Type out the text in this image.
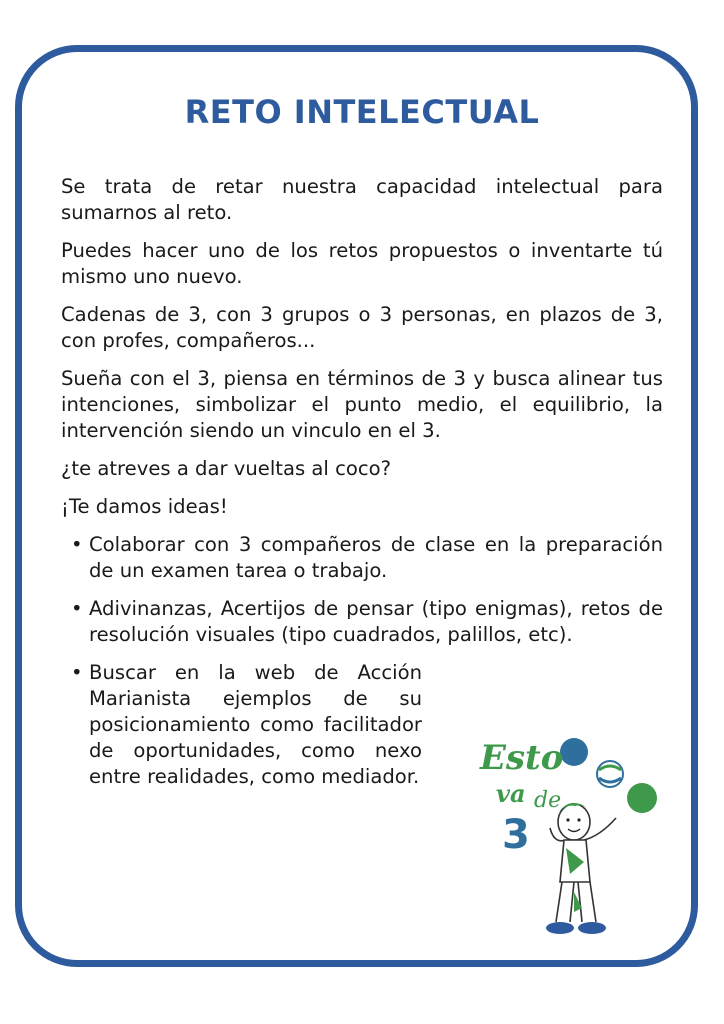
RETO INTELECTUAL

Se trata de retar nuestra capacidad intelectual para sumarnos al reto.

Puedes hacer uno de los retos propuestos o inventarte tú mismo uno nuevo.

Cadenas de 3, con 3 grupos o 3 personas, en plazos de 3, con profes, compañeros...

Sueña con el 3, piensa en términos de 3 y busca alinear tus intenciones, simbolizar el punto medio, el equilibrio, la intervención siendo un vinculo en el 3.

¿te atreves a dar vueltas al coco?

¡Te damos ideas!

• Colaborar con 3 compañeros de clase en la preparación de un examen tarea o trabajo.
• Adivinanzas, Acertijos de pensar (tipo enigmas), retos de resolución visuales (tipo cuadrados, palillos, etc).
• Buscar en la web de Acción Marianista ejemplos de su posicionamiento como facilitador de oportunidades, como nexo entre realidades, como mediador. Esto
va de
3
